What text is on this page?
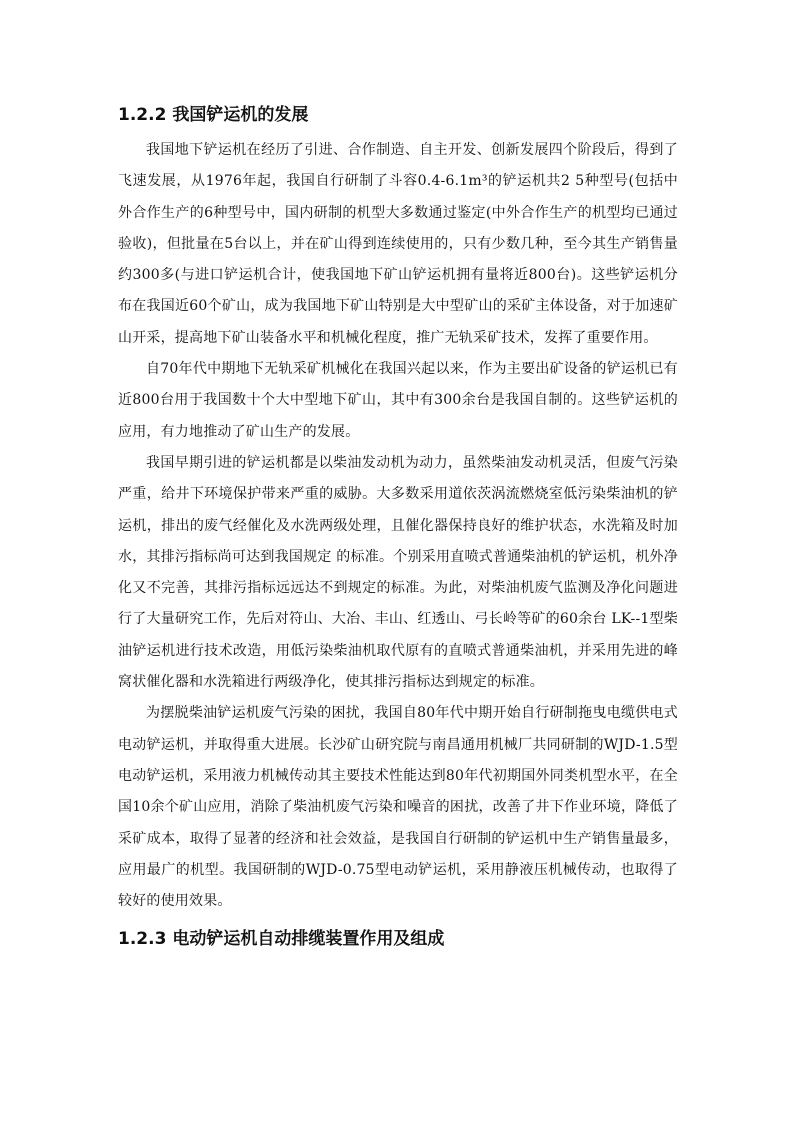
1.2.2 我国铲运机的发展

我国地下铲运机在经历了引进、合作制造、自主开发、创新发展四个阶段后，得到了飞速发展，从1976年起，我国自行研制了斗容0.4-6.1m³的铲运机共2 5种型号(包括中外合作生产的6种型号中，国内研制的机型大多数通过鉴定(中外合作生产的机型均已通过验收)，但批量在5台以上，并在矿山得到连续使用的，只有少数几种，至今其生产销售量约300多(与进口铲运机合计，使我国地下矿山铲运机拥有量将近800台)。这些铲运机分布在我国近60个矿山，成为我国地下矿山特别是大中型矿山的采矿主体设备，对于加速矿山开采，提高地下矿山装备水平和机械化程度，推广无轨采矿技术，发挥了重要作用。

自70年代中期地下无轨采矿机械化在我国兴起以来，作为主要出矿设备的铲运机已有近800台用于我国数十个大中型地下矿山，其中有300余台是我国自制的。这些铲运机的应用，有力地推动了矿山生产的发展。

我国早期引进的铲运机都是以柴油发动机为动力，虽然柴油发动机灵活，但废气污染严重，给井下环境保护带来严重的威胁。大多数采用道依茨涡流燃烧室低污染柴油机的铲运机，排出的废气经催化及水洗两级处理，且催化器保持良好的维护状态，水洗箱及时加水，其排污指标尚可达到我国规定 的标准。个别采用直喷式普通柴油机的铲运机，机外净化又不完善，其排污指标远远达不到规定的标准。为此，对柴油机废气监测及净化问题进行了大量研究工作，先后对符山、大冶、丰山、红透山、弓长岭等矿的60余台 LK--1型柴油铲运机进行技术改造，用低污染柴油机取代原有的直喷式普通柴油机，并采用先进的峰窝状催化器和水洗箱进行两级净化，使其排污指标达到规定的标准。

为摆脱柴油铲运机废气污染的困扰，我国自80年代中期开始自行研制拖曳电缆供电式电动铲运机，并取得重大进展。长沙矿山研究院与南昌通用机械厂共同研制的WJD-1.5型电动铲运机，采用液力机械传动其主要技术性能达到80年代初期国外同类机型水平，在全国10余个矿山应用，消除了柴油机废气污染和噪音的困扰，改善了井下作业环境，降低了采矿成本，取得了显著的经济和社会效益，是我国自行研制的铲运机中生产销售量最多，应用最广的机型。我国研制的WJD-0.75型电动铲运机，采用静液压机械传动，也取得了较好的使用效果。

1.2.3 电动铲运机自动排缆装置作用及组成
